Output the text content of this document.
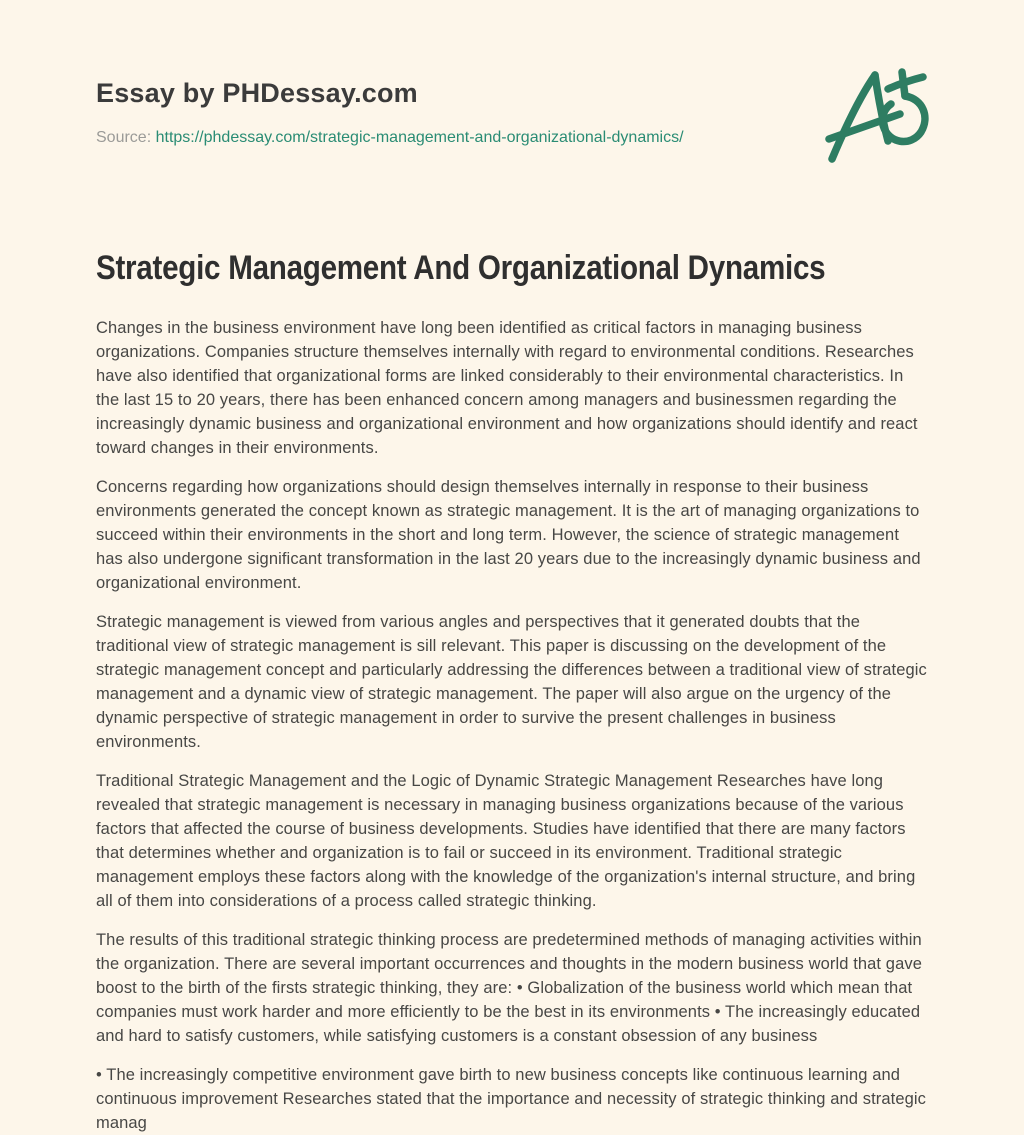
Essay by PHDessay.com
Source: https://phdessay.com/strategic-management-and-organizational-dynamics/
Strategic Management And Organizational Dynamics

Changes in the business environment have long been identified as critical factors in managing business organizations. Companies structure themselves internally with regard to environmental conditions. Researches have also identified that organizational forms are linked considerably to their environmental characteristics. In the last 15 to 20 years, there has been enhanced concern among managers and businessmen regarding the increasingly dynamic business and organizational environment and how organizations should identify and react toward changes in their environments.

Concerns regarding how organizations should design themselves internally in response to their business environments generated the concept known as strategic management. It is the art of managing organizations to succeed within their environments in the short and long term. However, the science of strategic management has also undergone significant transformation in the last 20 years due to the increasingly dynamic business and organizational environment.

Strategic management is viewed from various angles and perspectives that it generated doubts that the traditional view of strategic management is sill relevant. This paper is discussing on the development of the strategic management concept and particularly addressing the differences between a traditional view of strategic management and a dynamic view of strategic management. The paper will also argue on the urgency of the dynamic perspective of strategic management in order to survive the present challenges in business environments.

Traditional Strategic Management and the Logic of Dynamic Strategic Management Researches have long revealed that strategic management is necessary in managing business organizations because of the various factors that affected the course of business developments. Studies have identified that there are many factors that determines whether and organization is to fail or succeed in its environment. Traditional strategic management employs these factors along with the knowledge of the organization's internal structure, and bring all of them into considerations of a process called strategic thinking.

The results of this traditional strategic thinking process are predetermined methods of managing activities within the organization. There are several important occurrences and thoughts in the modern business world that gave boost to the birth of the firsts strategic thinking, they are: • Globalization of the business world which mean that companies must work harder and more efficiently to be the best in its environments • The increasingly educated and hard to satisfy customers, while satisfying customers is a constant obsession of any business

• The increasingly competitive environment gave birth to new business concepts like continuous learning and continuous improvement Researches stated that the importance and necessity of strategic thinking and strategic manag
